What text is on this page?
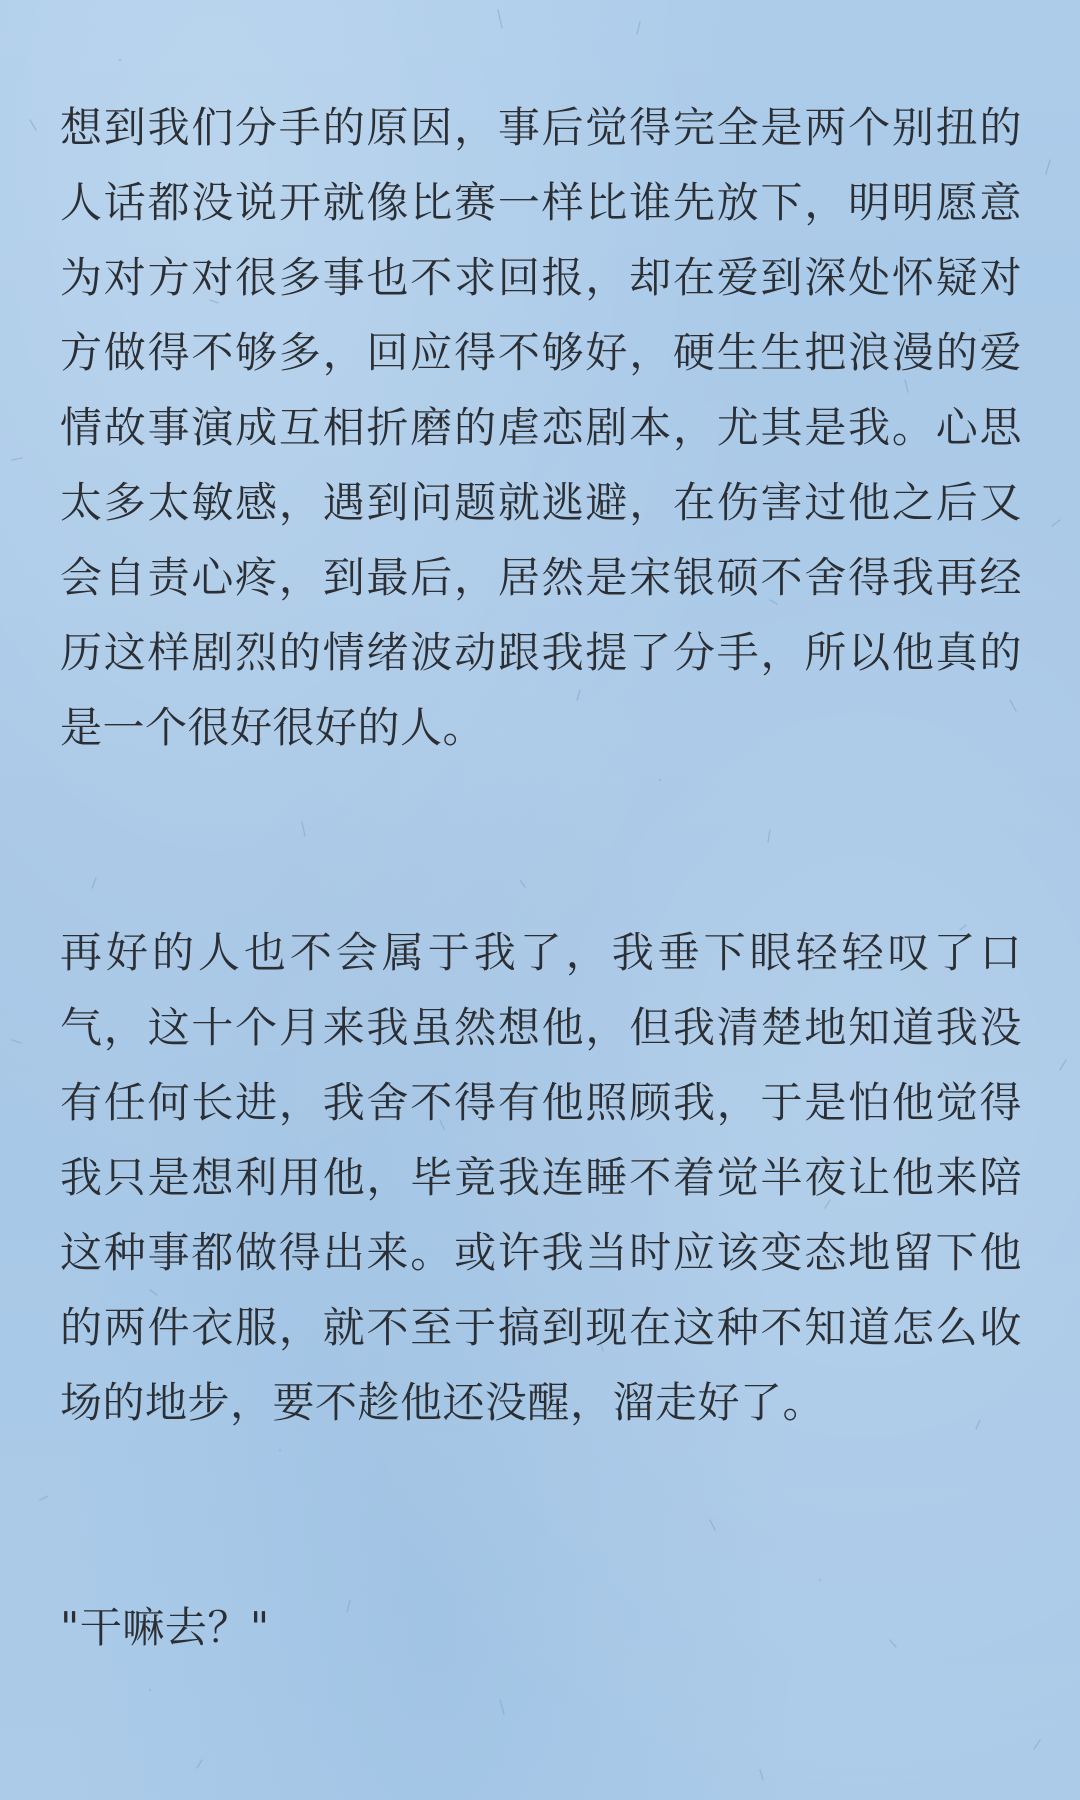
想到我们分手的原因，事后觉得完全是两个别扭的人话都没说开就像比赛一样比谁先放下，明明愿意为对方对很多事也不求回报，却在爱到深处怀疑对方做得不够多，回应得不够好，硬生生把浪漫的爱情故事演成互相折磨的虐恋剧本，尤其是我。心思太多太敏感，遇到问题就逃避，在伤害过他之后又会自责心疼，到最后，居然是宋银硕不舍得我再经历这样剧烈的情绪波动跟我提了分手，所以他真的是一个很好很好的人。

再好的人也不会属于我了，我垂下眼轻轻叹了口气，这十个月来我虽然想他，但我清楚地知道我没有任何长进，我舍不得有他照顾我，于是怕他觉得我只是想利用他，毕竟我连睡不着觉半夜让他来陪这种事都做得出来。或许我当时应该变态地留下他的两件衣服，就不至于搞到现在这种不知道怎么收场的地步，要不趁他还没醒，溜走好了。

"干嘛去？"
